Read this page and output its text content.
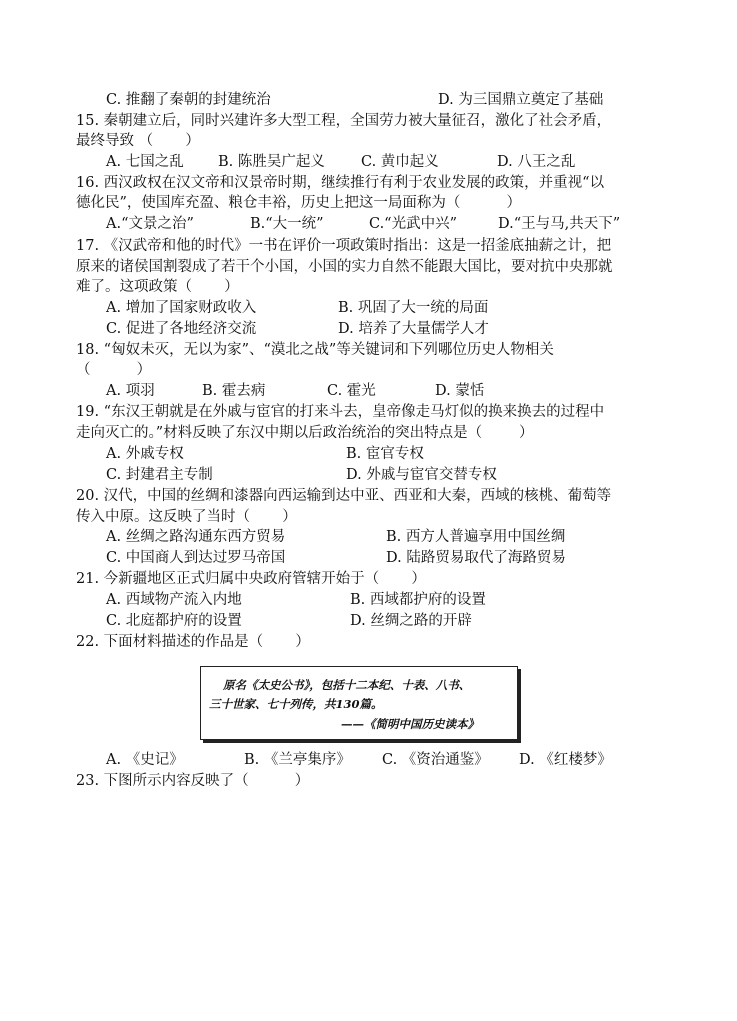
C. 推翻了秦朝的封建统治	D. 为三国鼎立奠定了基础
15. 秦朝建立后，同时兴建许多大型工程，全国劳力被大量征召，激化了社会矛盾，
最终导致 （       ）
A. 七国之乱 B. 陈胜吴广起义 C. 黄巾起义	D. 八王之乱
16. 西汉政权在汉文帝和汉景帝时期，继续推行有利于农业发展的政策，并重视“以
德化民”，使国库充盈、粮仓丰裕，历史上把这一局面称为（          ）
A.“文景之治”	B.“大一统”	C.“光武中兴”	D.“王与马,共天下”
17. 《汉武帝和他的时代》一书在评价一项政策时指出：这是一招釜底抽薪之计，把
原来的诸侯国割裂成了若干个小国，小国的实力自然不能跟大国比，要对抗中央那就
难了。这项政策（       ）
A. 增加了国家财政收入	B. 巩固了大一统的局面
C. 促进了各地经济交流	D. 培养了大量儒学人才
18. “匈奴未灭，无以为家”、“漠北之战”等关键词和下列哪位历史人物相关
（          ）
A. 项羽	B. 霍去病	C. 霍光	D. 蒙恬
19. “东汉王朝就是在外戚与宦官的打来斗去，皇帝像走马灯似的换来换去的过程中
走向灭亡的。”材料反映了东汉中期以后政治统治的突出特点是（        ）
A. 外戚专权	B. 宦官专权
C. 封建君主专制	D. 外戚与宦官交替专权
20. 汉代，中国的丝绸和漆器向西运输到达中亚、西亚和大秦，西域的核桃、葡萄等
传入中原。这反映了当时（       ）
A. 丝绸之路沟通东西方贸易	B. 西方人普遍享用中国丝绸
C. 中国商人到达过罗马帝国	D. 陆路贸易取代了海路贸易
21. 今新疆地区正式归属中央政府管辖开始于（       ）
A. 西域物产流入内地	B. 西域都护府的设置
C. 北庭都护府的设置	D. 丝绸之路的开辟
22. 下面材料描述的作品是（       ）
原名《太史公书》，包括十二本纪、十表、八书、
三十世家、七十列传，共130篇。
——《简明中国历史读本》
A. 《史记》	B. 《兰亭集序》 C. 《资治通鉴》 D. 《红楼梦》
23. 下图所示内容反映了（          ）
